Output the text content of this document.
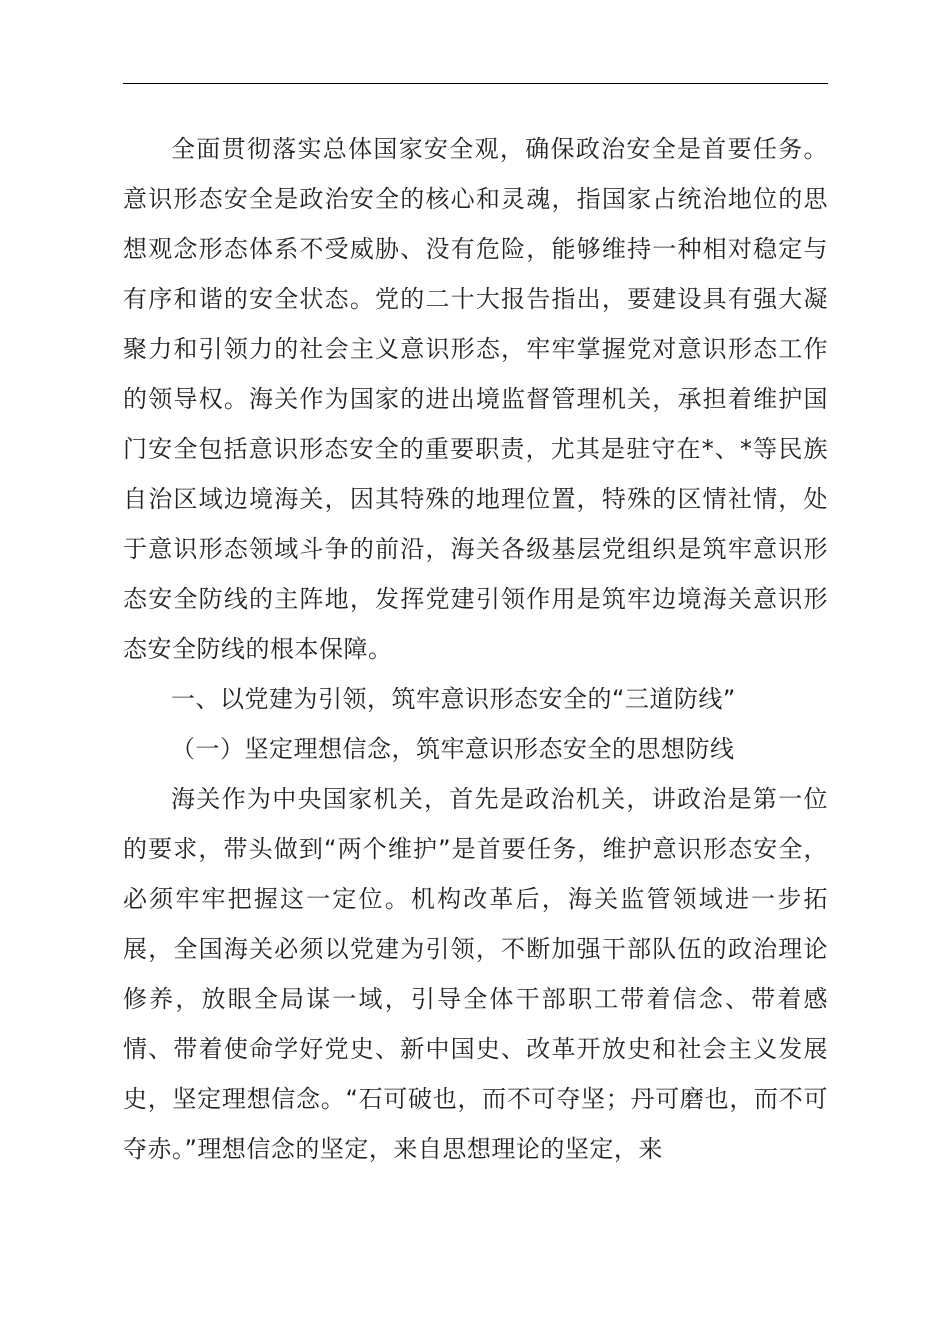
全面贯彻落实总体国家安全观，确保政治安全是首要任务。意识形态安全是政治安全的核心和灵魂，指国家占统治地位的思想观念形态体系不受威胁、没有危险，能够维持一种相对稳定与有序和谐的安全状态。党的二十大报告指出，要建设具有强大凝聚力和引领力的社会主义意识形态，牢牢掌握党对意识形态工作的领导权。海关作为国家的进出境监督管理机关，承担着维护国门安全包括意识形态安全的重要职责，尤其是驻守在*、*等民族自治区域边境海关，因其特殊的地理位置，特殊的区情社情，处于意识形态领域斗争的前沿，海关各级基层党组织是筑牢意识形态安全防线的主阵地，发挥党建引领作用是筑牢边境海关意识形态安全防线的根本保障。

一、以党建为引领，筑牢意识形态安全的“三道防线”

（一）坚定理想信念，筑牢意识形态安全的思想防线

海关作为中央国家机关，首先是政治机关，讲政治是第一位的要求，带头做到“两个维护”是首要任务，维护意识形态安全，必须牢牢把握这一定位。机构改革后，海关监管领域进一步拓展，全国海关必须以党建为引领，不断加强干部队伍的政治理论修养，放眼全局谋一域，引导全体干部职工带着信念、带着感情、带着使命学好党史、新中国史、改革开放史和社会主义发展史，坚定理想信念。“石可破也，而不可夺坚；丹可磨也，而不可夺赤。”理想信念的坚定，来自思想理论的坚定，来
